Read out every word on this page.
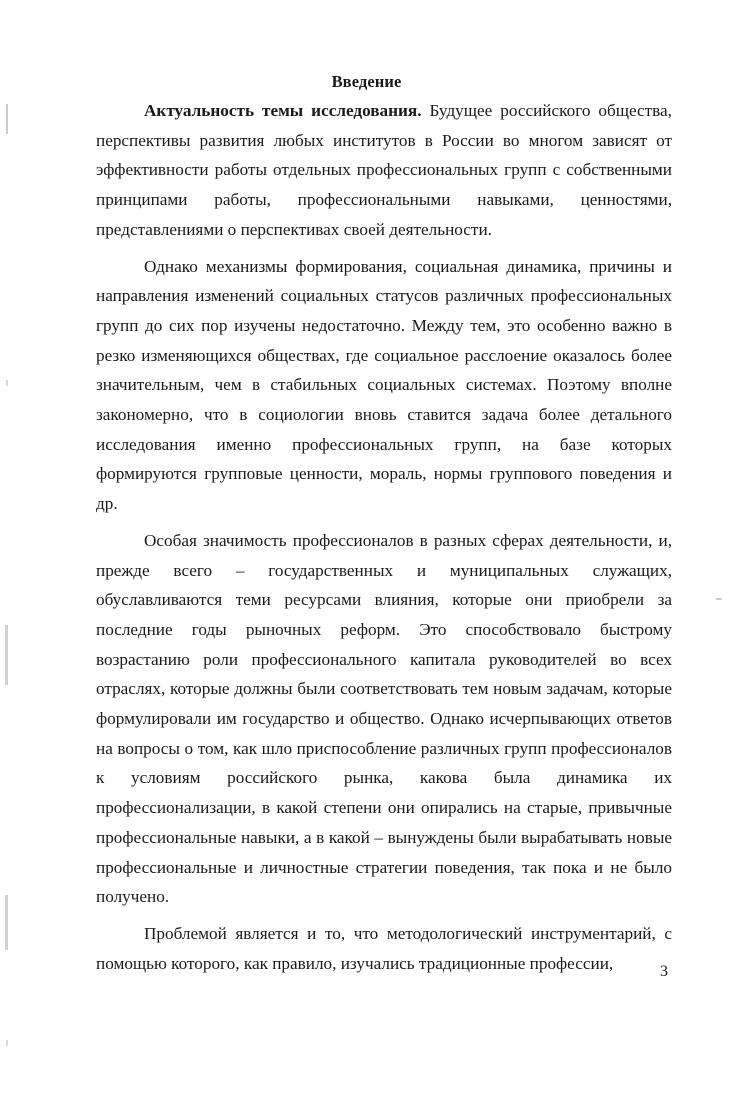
Введение

Актуальность темы исследования. Будущее российского общества, перспективы развития любых институтов в России во многом зависят от эффективности работы отдельных профессиональных групп с собственными принципами работы, профессиональными навыками, ценностями, представлениями о перспективах своей деятельности.

Однако механизмы формирования, социальная динамика, причины и направления изменений социальных статусов различных профессиональных групп до сих пор изучены недостаточно. Между тем, это особенно важно в резко изменяющихся обществах, где социальное расслоение оказалось более значительным, чем в стабильных социальных системах. Поэтому вполне закономерно, что в социологии вновь ставится задача более детального исследования именно профессиональных групп, на базе которых формируются групповые ценности, мораль, нормы группового поведения и др.

Особая значимость профессионалов в разных сферах деятельности, и, прежде всего – государственных и муниципальных служащих, обуславливаются теми ресурсами влияния, которые они приобрели за последние годы рыночных реформ. Это способствовало быстрому возрастанию роли профессионального капитала руководителей во всех отраслях, которые должны были соответствовать тем новым задачам, которые формулировали им государство и общество. Однако исчерпывающих ответов на вопросы о том, как шло приспособление различных групп профессионалов к условиям российского рынка, какова была динамика их профессионализации, в какой степени они опирались на старые, привычные профессиональные навыки, а в какой – вынуждены были вырабатывать новые профессиональные и личностные стратегии поведения, так пока и не было получено.

Проблемой является и то, что методологический инструментарий, с помощью которого, как правило, изучались традиционные профессии,	3
